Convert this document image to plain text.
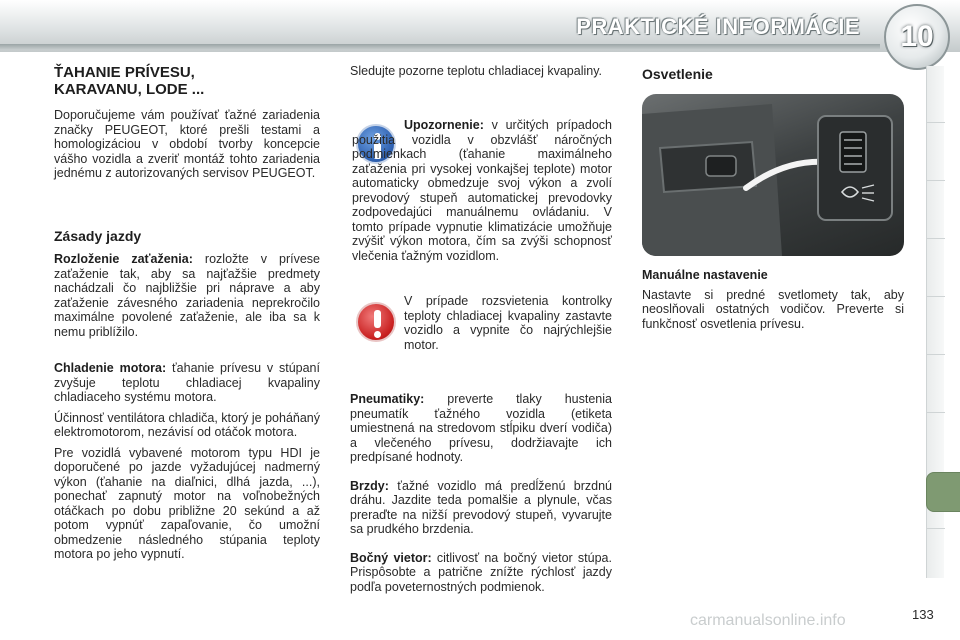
PRAKTICKÉ INFORMÁCIE	10
ŤAHANIE PRÍVESU, KARAVANU, LODE ...

Doporučujeme vám používať ťažné zariadenia značky PEUGEOT, ktoré prešli testami a homologizáciou v období tvorby koncepcie vášho vozidla a zveriť montáž tohto zariadenia jednému z autorizovaných servisov PEUGEOT.

Zásady jazdy

Rozloženie zaťaženia: rozložte v prívese zaťaženie tak, aby sa najťažšie predmety nachádzali čo najbližšie pri náprave a aby zaťaženie závesného zariadenia neprekročilo maximálne povolené zaťaženie, ale iba sa k nemu priblížilo.

Chladenie motora: ťahanie prívesu v stúpaní zvyšuje teplotu chladiacej kvapaliny chladiaceho systému motora.

Účinnosť ventilátora chladiča, ktorý je poháňaný elektromotorom, nezávisí od otáčok motora.

Pre vozidlá vybavené motorom typu HDI je doporučené po jazde vyžadujúcej nadmerný výkon (ťahanie na diaľnici, dlhá jazda, ...), ponechať zapnutý motor na voľnobežných otáčkach po dobu približne 20 sekúnd a až potom vypnúť zapaľovanie, čo umožní obmedzenie následného stúpania teploty motora po jeho vypnutí.

Sledujte pozorne teplotu chladiacej kvapaliny.

Upozornenie: v určitých prípadoch použitia vozidla v obzvlášť náročných podmienkach (ťahanie maximálneho zaťaženia pri vysokej vonkajšej teplote) motor automaticky obmedzuje svoj výkon a zvolí prevodový stupeň automatickej prevodovky zodpovedajúci manuálnemu ovládaniu. V tomto prípade vypnutie klimatizácie umožňuje zvýšiť výkon motora, čím sa zvýši schopnosť vlečenia ťažným vozidlom.

V prípade rozsvietenia kontrolky teploty chladiacej kvapaliny zastavte vozidlo a vypnite čo najrýchlejšie motor.

Pneumatiky: preverte tlaky hustenia pneumatík ťažného vozidla (etiketa umiestnená na stredovom stĺpiku dverí vodiča) a vlečeného prívesu, dodržiavajte ich predpísané hodnoty.

Brzdy: ťažné vozidlo má predĺženú brzdnú dráhu. Jazdite teda pomalšie a plynule, včas preraďte na nižší prevodový stupeň, vyvarujte sa prudkého brzdenia.

Bočný vietor: citlivosť na bočný vietor stúpa. Prispôsobte a patrične znížte rýchlosť jazdy podľa poveternostných podmienok.

Osvetlenie
Manuálne nastavenie

Nastavte si predné svetlomety tak, aby neoslňovali ostatných vodičov. Preverte si funkčnosť osvetlenia prívesu.

carmanualsonline.info	133
